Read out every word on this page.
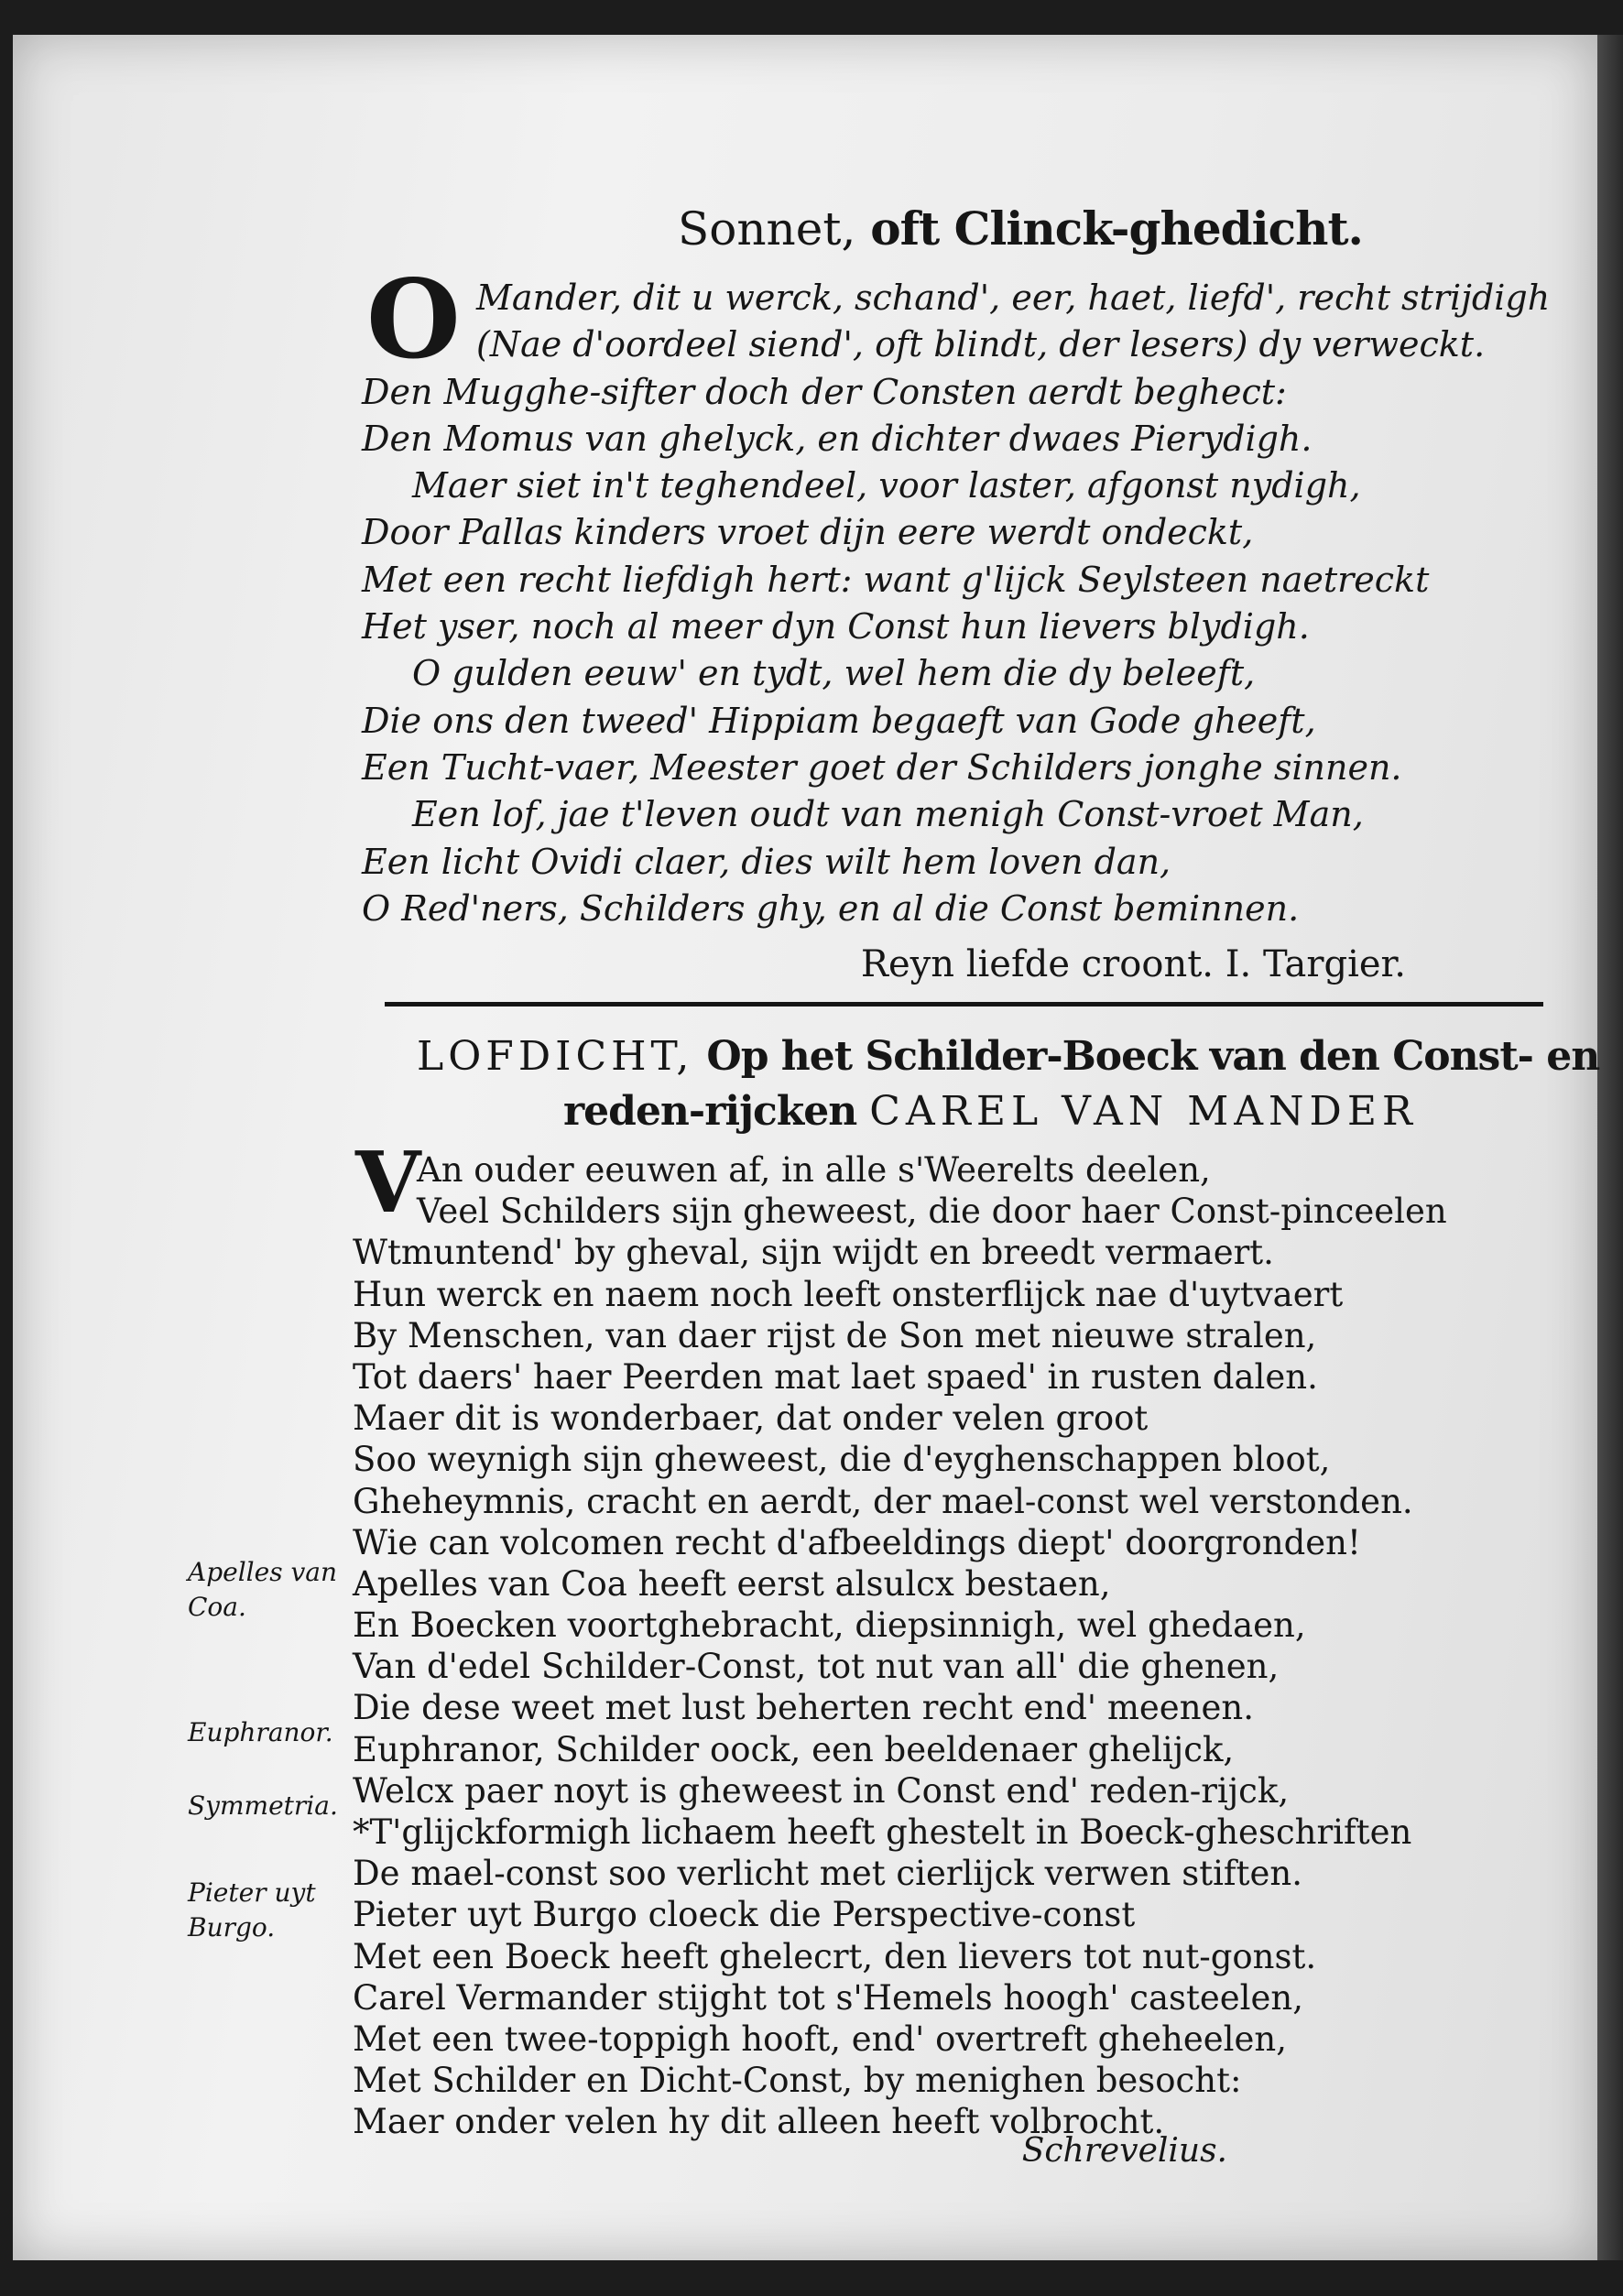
Sonnet, oft Clinck-ghedicht.
O Mander, dit u werck, schand', eer, haet, liefd', recht strijdigh
(Nae d'oordeel siend', oft blindt, der lesers) dy verweckt.
Den Mugghe-sifter doch der Consten aerdt beghect:
Den Momus van ghelyck, en dichter dwaes Pierydigh.
Maer siet in't teghendeel, voor laster, afgonst nydigh,
Door Pallas kinders vroet dijn eere werdt ondeckt,
Met een recht liefdigh hert: want g'lijck Seylsteen naetreckt
Het yser, noch al meer dyn Const hun lievers blydigh.
O gulden eeuw' en tydt, wel hem die dy beleeft,
Die ons den tweed' Hippiam begaeft van Gode gheeft,
Een Tucht-vaer, Meester goet der Schilders jonghe sinnen.
Een lof, jae t'leven oudt van menigh Const-vroet Man,
Een licht Ovidi claer, dies wilt hem loven dan,
O Red'ners, Schilders ghy, en al die Const beminnen.
Reyn liefde croont. I. Targier.
LOFDICHT, Op het Schilder-Boeck van den Const- en
reden-rijcken CAREL VAN MANDER
V
An ouder eeuwen af, in alle s'Weerelts deelen,
Veel Schilders sijn gheweest, die door haer Const-pinceelen
Wtmuntend' by gheval, sijn wijdt en breedt vermaert.
Hun werck en naem noch leeft onsterflijck nae d'uytvaert
By Menschen, van daer rijst de Son met nieuwe stralen,
Tot daers' haer Peerden mat laet spaed' in rusten dalen.
Maer dit is wonderbaer, dat onder velen groot
Soo weynigh sijn gheweest, die d'eyghenschappen bloot,
Gheheymnis, cracht en aerdt, der mael-const wel verstonden.
Wie can volcomen recht d'afbeeldings diept' doorgronden!
Apelles van Coa heeft eerst alsulcx bestaen,
En Boecken voortghebracht, diepsinnigh, wel ghedaen,
Van d'edel Schilder-Const, tot nut van all' die ghenen,
Die dese weet met lust beherten recht end' meenen.
Euphranor, Schilder oock, een beeldenaer ghelijck,
Welcx paer noyt is gheweest in Const end' reden-rijck,
*T'glijckformigh lichaem heeft ghestelt in Boeck-gheschriften
De mael-const soo verlicht met cierlijck verwen stiften.
Pieter uyt Burgo cloeck die Perspective-const
Met een Boeck heeft ghelecrt, den lievers tot nut-gonst.
Carel Vermander stijght tot s'Hemels hoogh' casteelen,
Met een twee-toppigh hooft, end' overtreft gheheelen,
Met Schilder en Dicht-Const, by menighen besocht:
Maer onder velen hy dit alleen heeft volbrocht.
Apelles van
Coa.
Euphranor.
Symmetria.
Pieter uyt
Burgo.
Schrevelius.
